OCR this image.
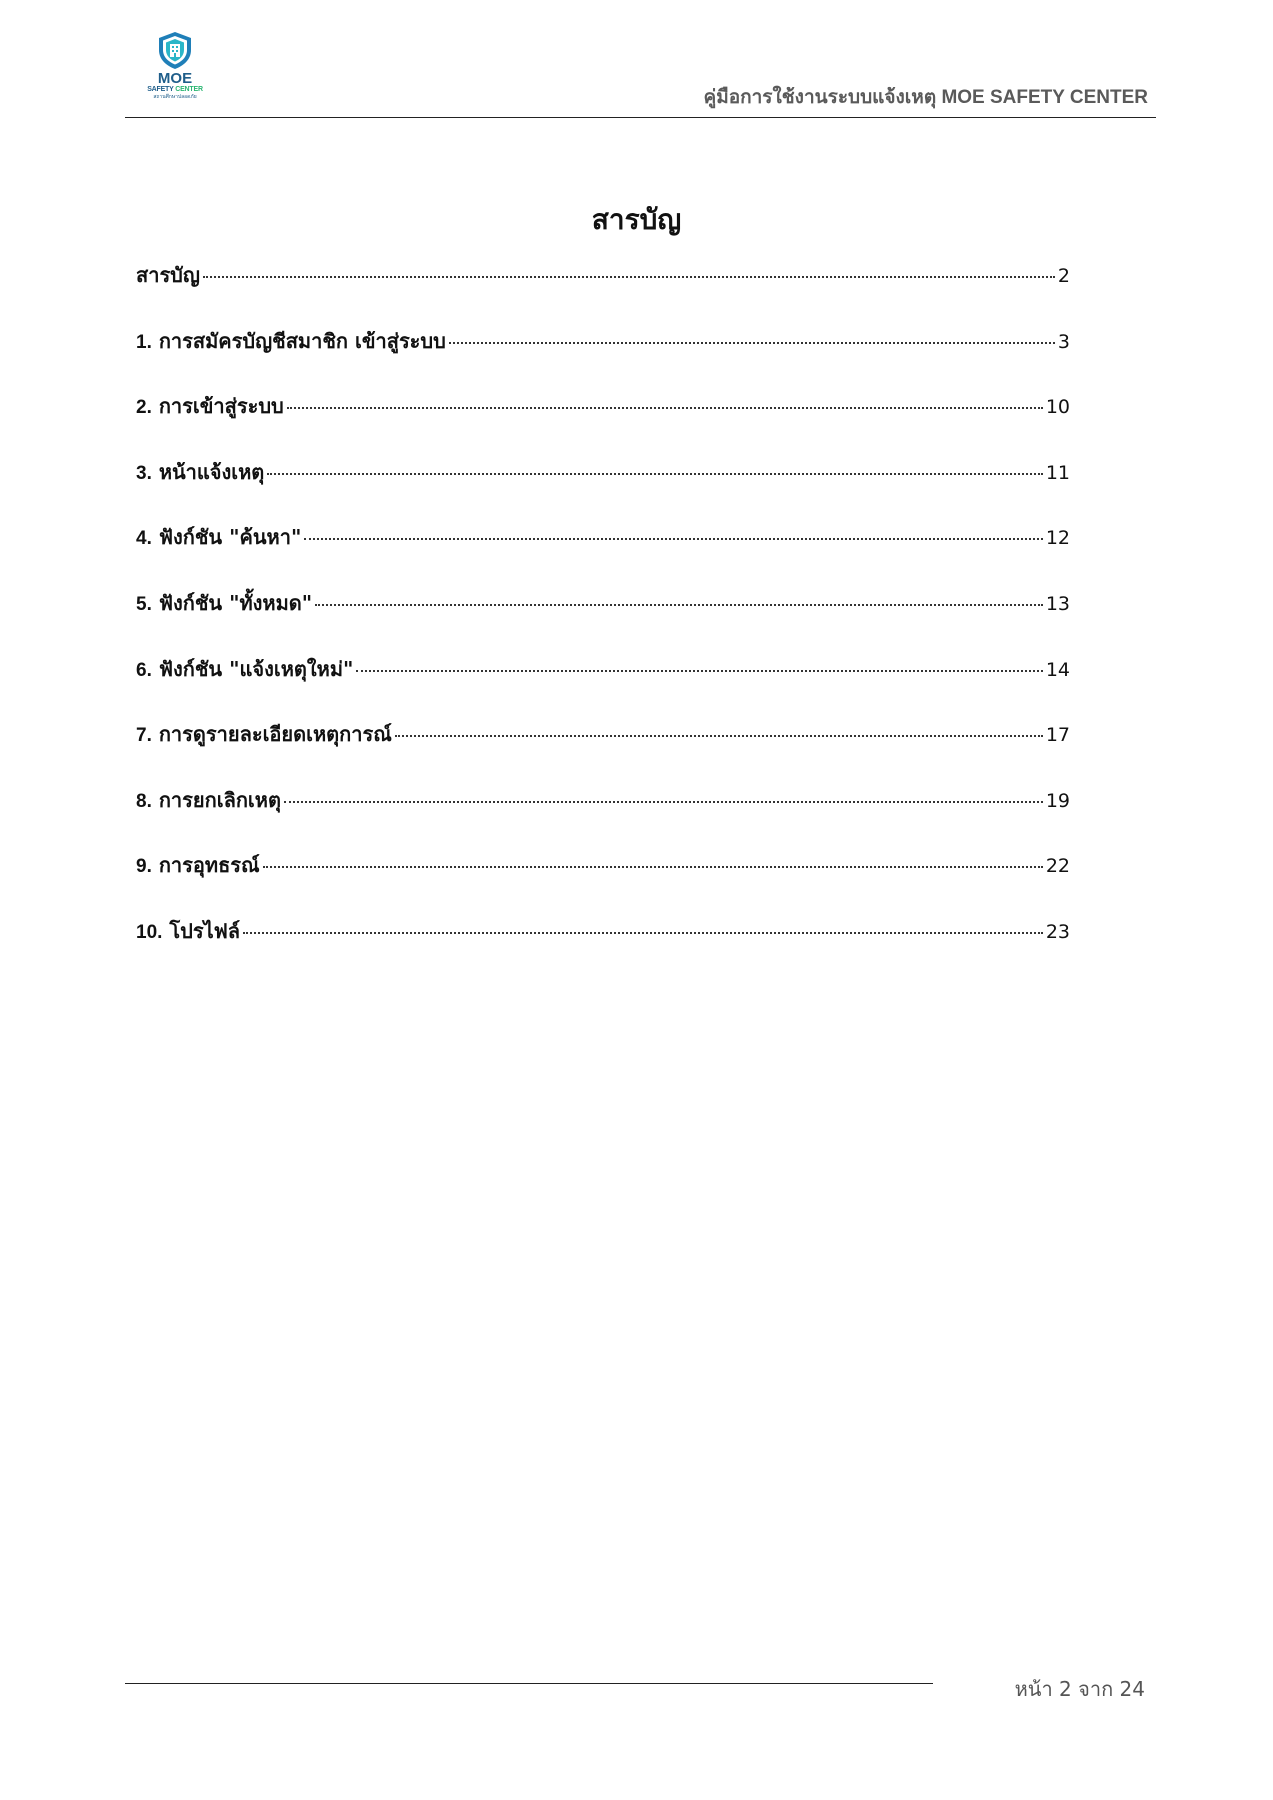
MOE
SAFETY CENTER
สถานศึกษาปลอดภัย	คู่มือการใช้งานระบบแจ้งเหตุ MOE SAFETY CENTER
สารบัญ
สารบัญ	2
1. การสมัครบัญชีสมาชิก เข้าสู่ระบบ	3
2. การเข้าสู่ระบบ	10
3. หน้าแจ้งเหตุ	11
4. ฟังก์ชัน "ค้นหา"	12
5. ฟังก์ชัน "ทั้งหมด"	13
6. ฟังก์ชัน "แจ้งเหตุใหม่"	14
7. การดูรายละเอียดเหตุการณ์	17
8. การยกเลิกเหตุ	19
9. การอุทธรณ์	22
10. โปรไฟล์	23
หน้า 2 จาก 24
